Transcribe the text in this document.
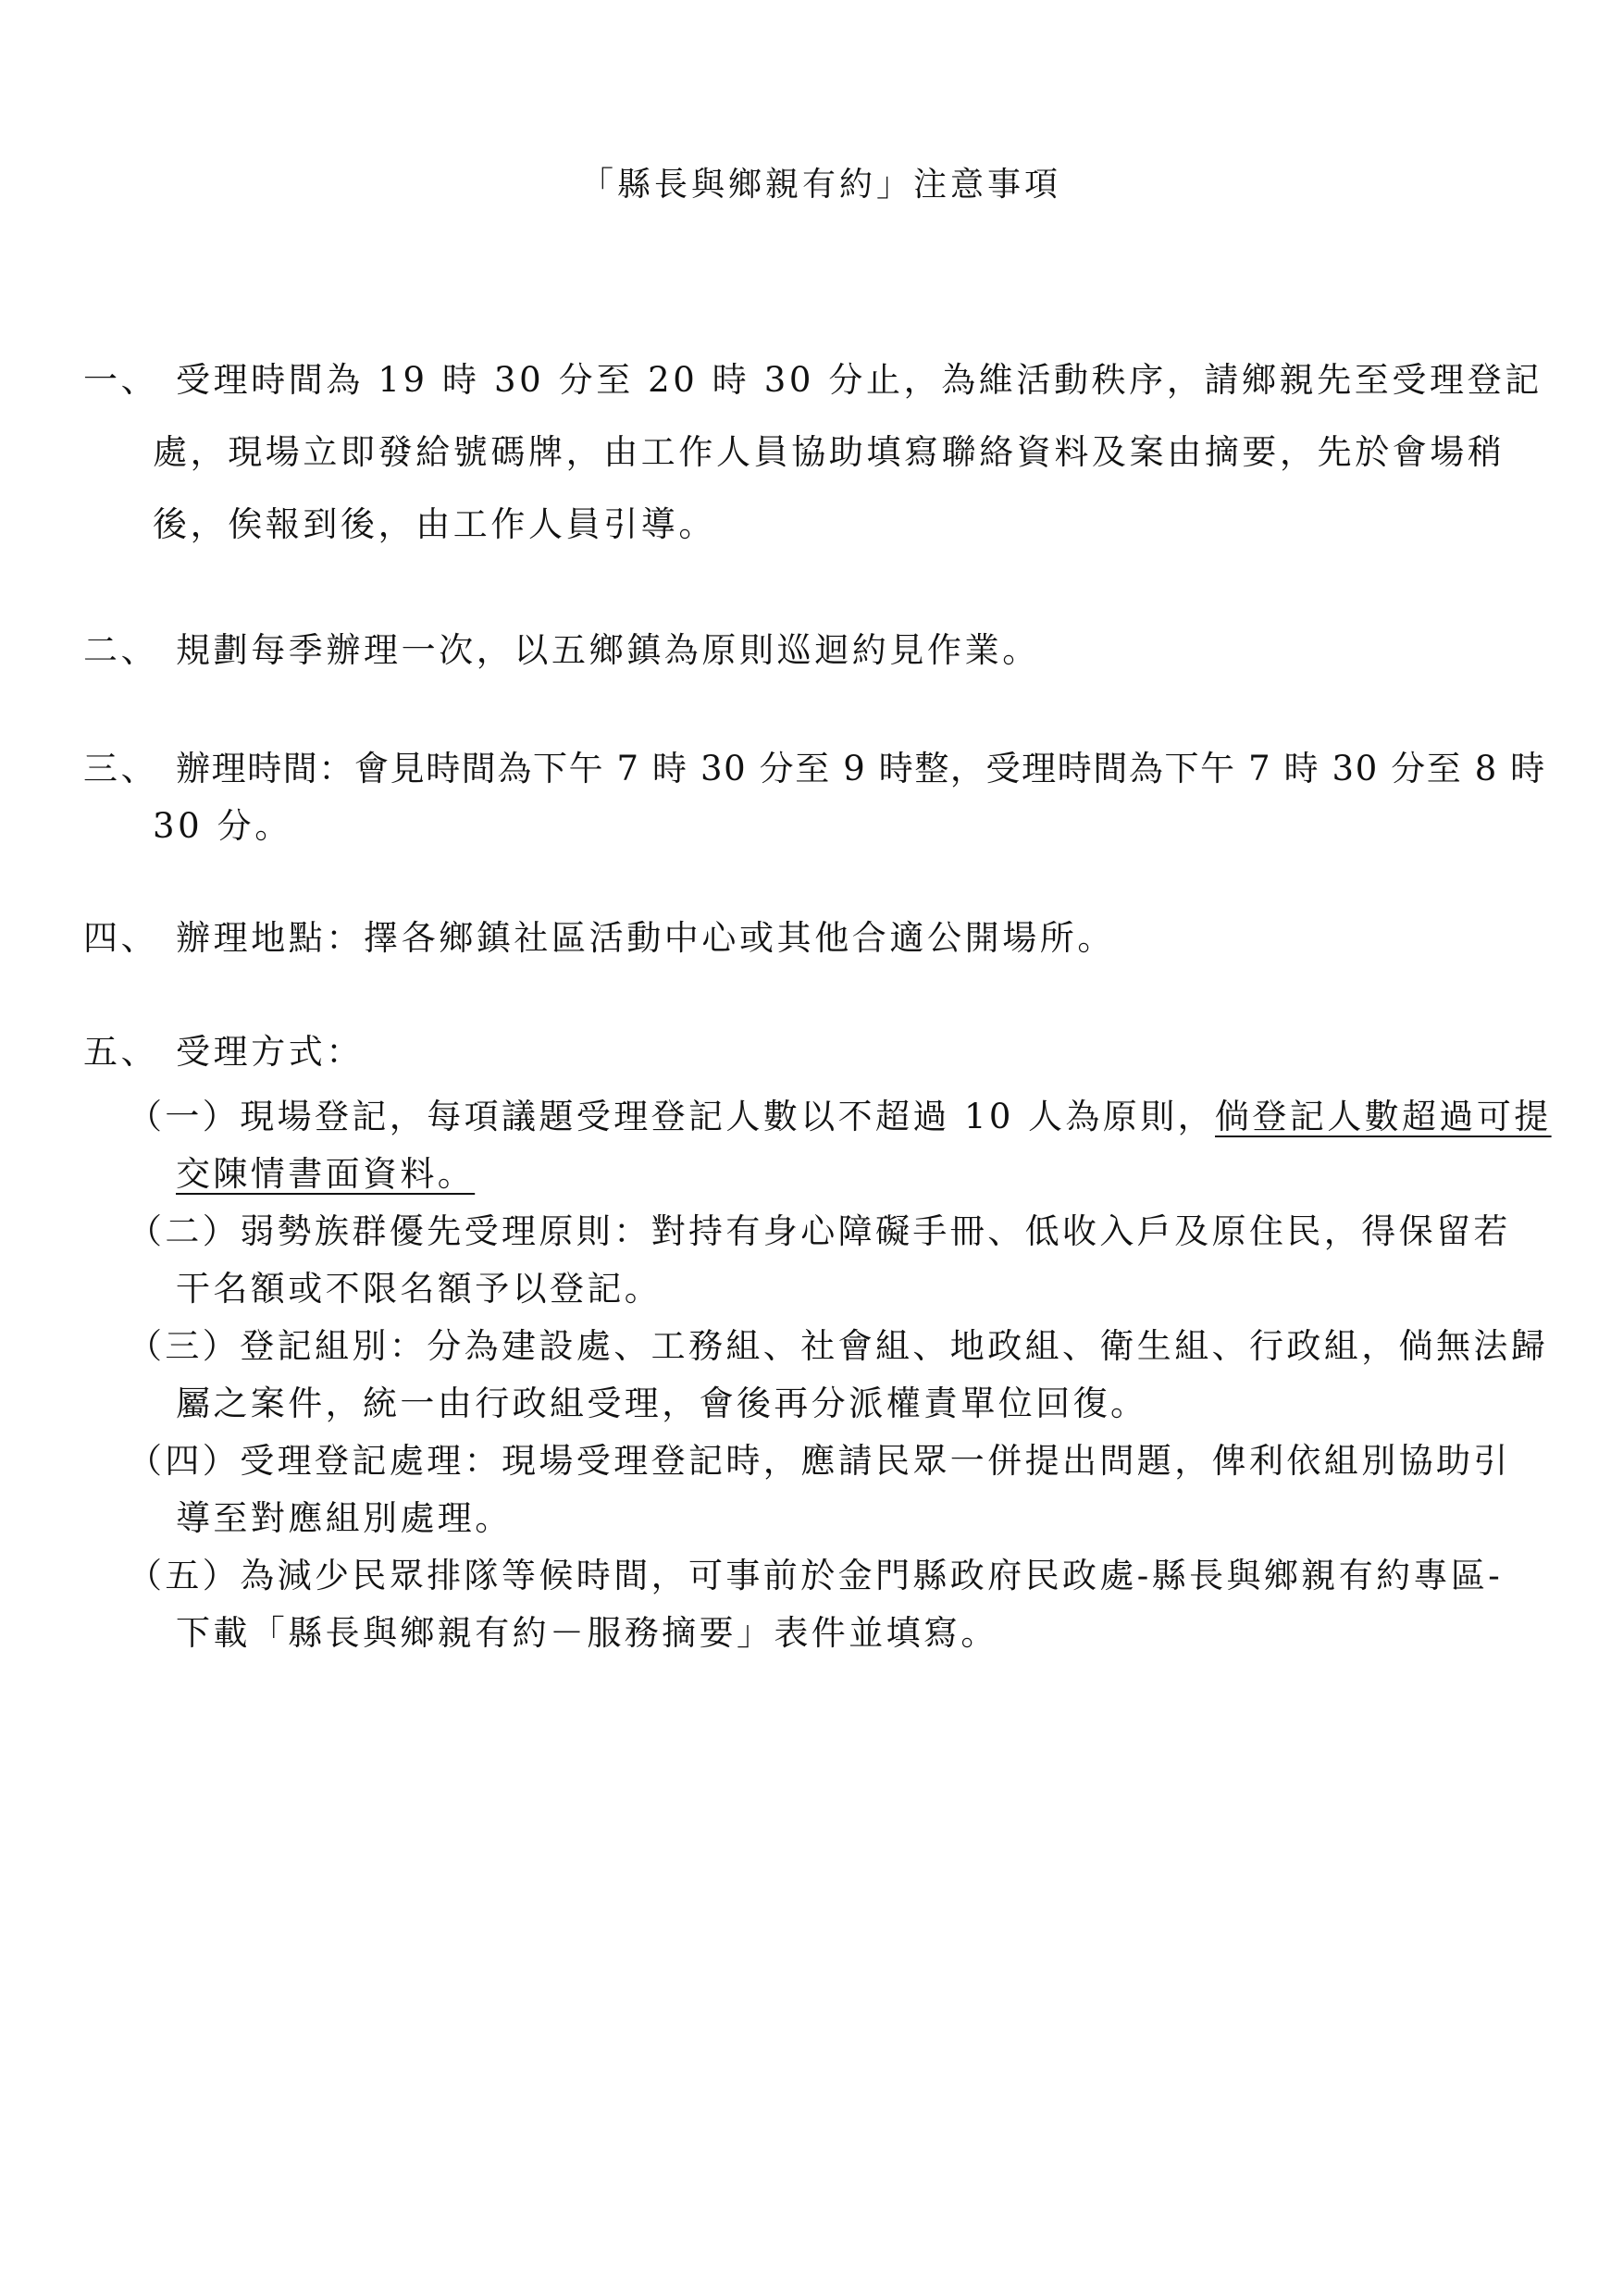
「縣長與鄉親有約」注意事項
一、 受理時間為 19 時 30 分至 20 時 30 分止，為維活動秩序，請鄉親先至受理登記
處，現場立即發給號碼牌，由工作人員協助填寫聯絡資料及案由摘要，先於會場稍
後，俟報到後，由工作人員引導。
二、 規劃每季辦理一次，以五鄉鎮為原則巡迴約見作業。
三、 辦理時間：會見時間為下午 7 時 30 分至 9 時整，受理時間為下午 7 時 30 分至 8 時
30 分。
四、 辦理地點：擇各鄉鎮社區活動中心或其他合適公開場所。
五、 受理方式：
（一）現場登記，每項議題受理登記人數以不超過 10 人為原則，倘登記人數超過可提
交陳情書面資料。
（二）弱勢族群優先受理原則：對持有身心障礙手冊、低收入戶及原住民，得保留若
干名額或不限名額予以登記。
（三）登記組別：分為建設處、工務組、社會組、地政組、衛生組、行政組，倘無法歸
屬之案件，統一由行政組受理，會後再分派權責單位回復。
（四）受理登記處理：現場受理登記時，應請民眾一併提出問題，俾利依組別協助引
導至對應組別處理。
（五）為減少民眾排隊等候時間，可事前於金門縣政府民政處-縣長與鄉親有約專區-
下載「縣長與鄉親有約－服務摘要」表件並填寫。
